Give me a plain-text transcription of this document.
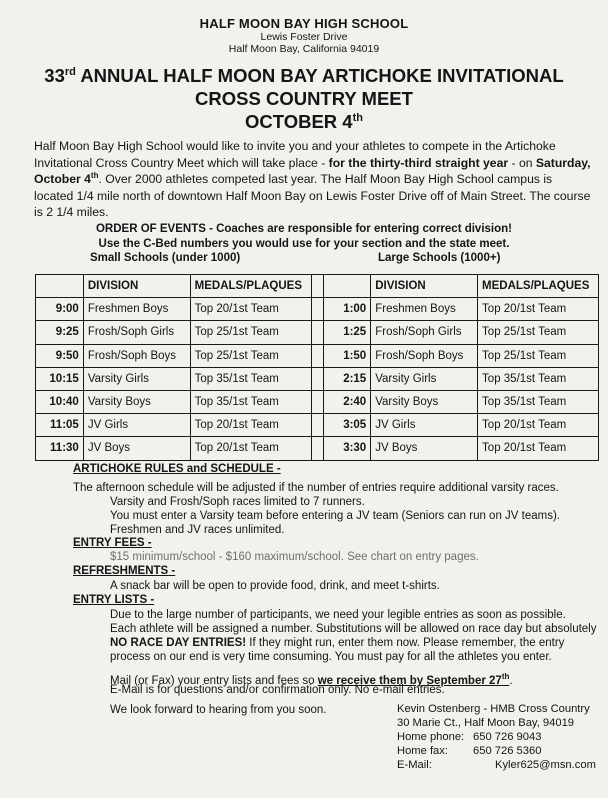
HALF MOON BAY HIGH SCHOOL
Lewis Foster Drive
Half Moon Bay, California 94019
33rd ANNUAL HALF MOON BAY ARTICHOKE INVITATIONAL
CROSS COUNTRY MEET
OCTOBER 4th
Half Moon Bay High School would like to invite you and your athletes to compete in the Artichoke Invitational Cross Country Meet which will take place - for the thirty-third straight year - on Saturday, October 4th. Over 2000 athletes competed last year. The Half Moon Bay High School campus is located 1/4 mile north of downtown Half Moon Bay on Lewis Foster Drive off of Main Street. The course is 2 1/4 miles.
ORDER OF EVENTS - Coaches are responsible for entering correct division!
Use the C-Bed numbers you would use for your section and the state meet.
Small Schools (under 1000)	Large Schools (1000+)
	DIVISION	MEDALS/PLAQUES			DIVISION	MEDALS/PLAQUES
9:00	Freshmen Boys	Top 20/1st Team		1:00	Freshmen Boys	Top 20/1st Team
9:25	Frosh/Soph Girls	Top 25/1st Team		1:25	Frosh/Soph Girls	Top 25/1st Team
9:50	Frosh/Soph Boys	Top 25/1st Team		1:50	Frosh/Soph Boys	Top 25/1st Team
10:15	Varsity Girls	Top 35/1st Team		2:15	Varsity Girls	Top 35/1st Team
10:40	Varsity Boys	Top 35/1st Team		2:40	Varsity Boys	Top 35/1st Team
11:05	JV Girls	Top 20/1st Team		3:05	JV Girls	Top 20/1st Team
11:30	JV Boys	Top 20/1st Team		3:30	JV Boys	Top 20/1st Team
ARTICHOKE RULES and SCHEDULE -
The afternoon schedule will be adjusted if the number of entries require additional varsity races.
Varsity and Frosh/Soph races limited to 7 runners.
You must enter a Varsity team before entering a JV team (Seniors can run on JV teams).
Freshmen and JV races unlimited.
ENTRY FEES -
$15 minimum/school - $160 maximum/school. See chart on entry pages.
REFRESHMENTS -
A snack bar will be open to provide food, drink, and meet t-shirts.
ENTRY LISTS -
Due to the large number of participants, we need your legible entries as soon as possible.
Each athlete will be assigned a number. Substitutions will be allowed on race day but absolutely
NO RACE DAY ENTRIES! If they might run, enter them now. Please remember, the entry
process on our end is very time consuming. You must pay for all the athletes you enter.
Mail (or Fax) your entry lists and fees so we receive them by September 27th.
E-Mail is for questions and/or confirmation only. No e-mail entries.
We look forward to hearing from you soon.	Kevin Ostenberg - HMB Cross Country
30 Marie Ct., Half Moon Bay, 94019
Home phone: 650 726 9043
Home fax:	650 726 5360
E-Mail:	Kyler625@msn.com
